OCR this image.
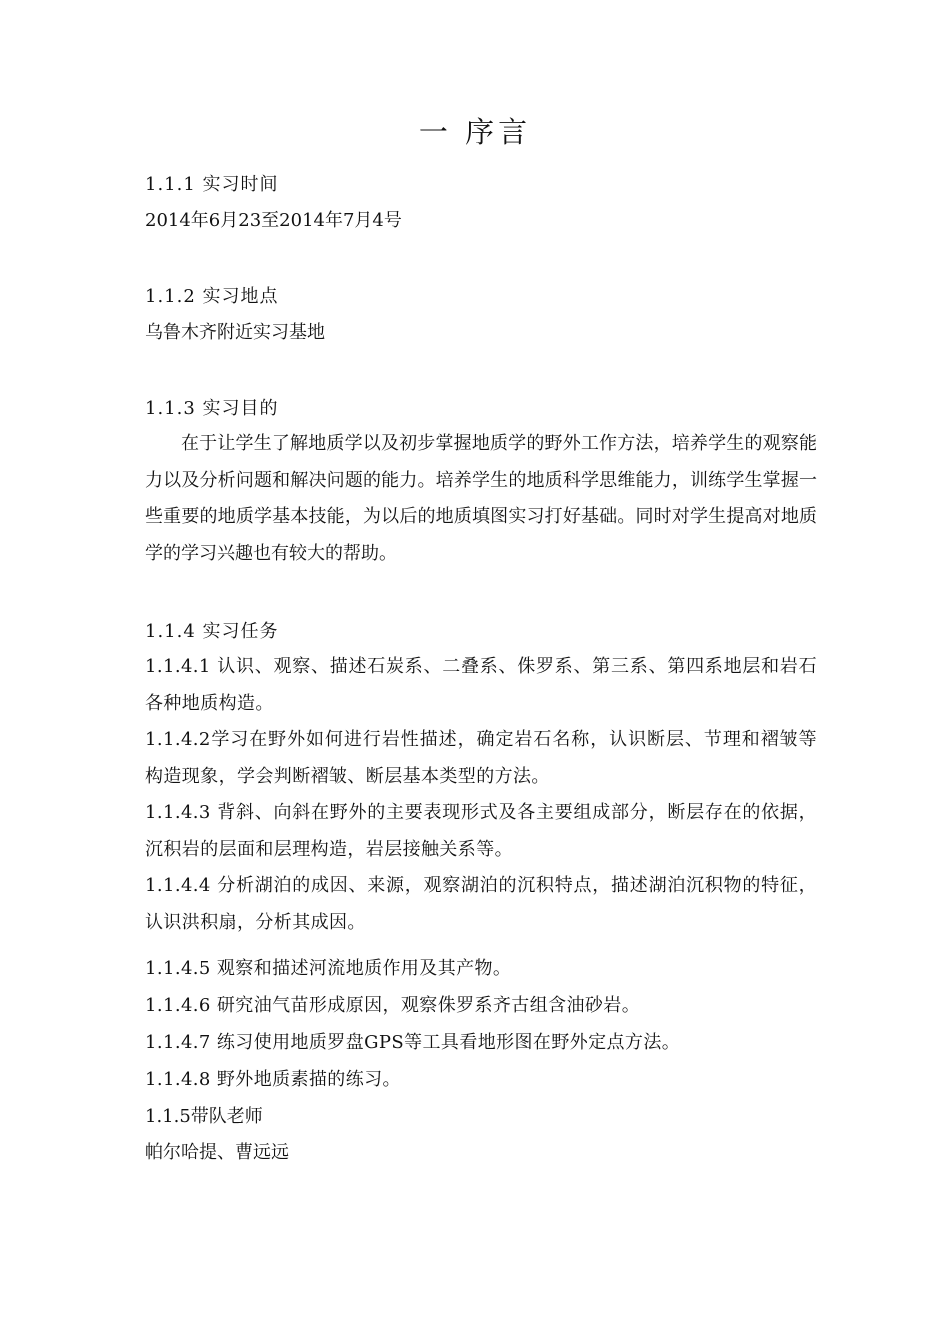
一 序言
1.1.1 实习时间
2014年6月23至2014年7月4号
1.1.2 实习地点
乌鲁木齐附近实习基地
1.1.3 实习目的
在于让学生了解地质学以及初步掌握地质学的野外工作方法，培养学生的观察能力以及分析问题和解决问题的能力。培养学生的地质科学思维能力，训练学生掌握一些重要的地质学基本技能，为以后的地质填图实习打好基础。同时对学生提高对地质学的学习兴趣也有较大的帮助。
1.1.4 实习任务
1.1.4.1 认识、观察、描述石炭系、二叠系、侏罗系、第三系、第四系地层和岩石各种地质构造。
1.1.4.2学习在野外如何进行岩性描述，确定岩石名称，认识断层、节理和褶皱等构造现象，学会判断褶皱、断层基本类型的方法。
1.1.4.3 背斜、向斜在野外的主要表现形式及各主要组成部分，断层存在的依据，沉积岩的层面和层理构造，岩层接触关系等。
1.1.4.4 分析湖泊的成因、来源，观察湖泊的沉积特点，描述湖泊沉积物的特征，认识洪积扇，分析其成因。
1.1.4.5 观察和描述河流地质作用及其产物。
1.1.4.6 研究油气苗形成原因，观察侏罗系齐古组含油砂岩。
1.1.4.7 练习使用地质罗盘GPS等工具看地形图在野外定点方法。
1.1.4.8 野外地质素描的练习。
1.1.5带队老师
帕尔哈提、曹远远
